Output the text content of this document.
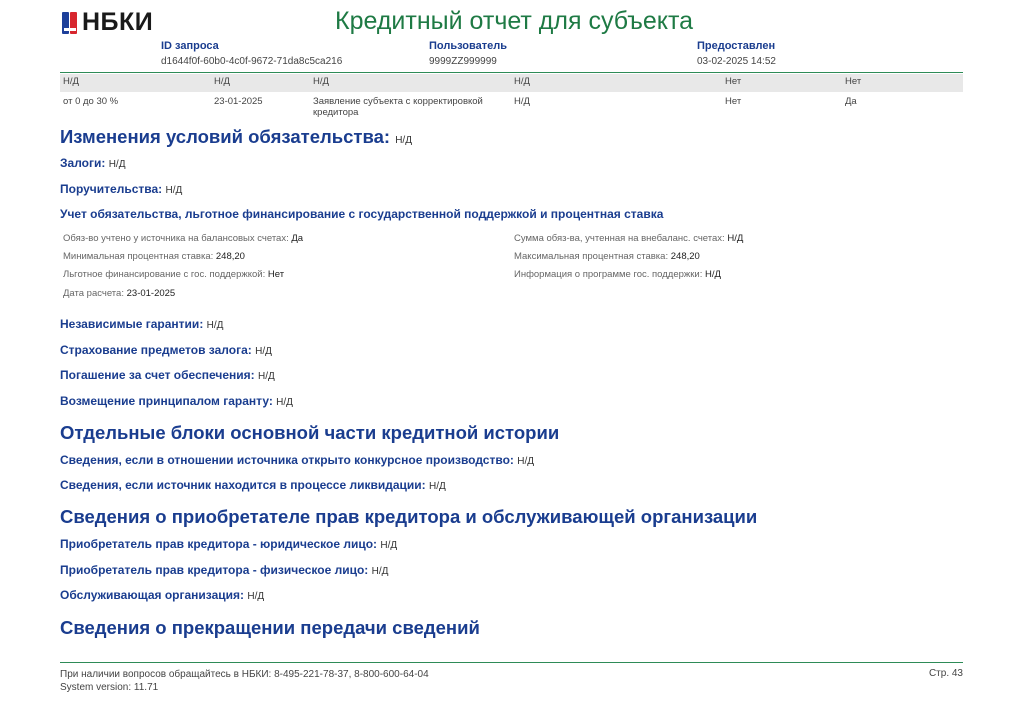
НБКИ	Кредитный отчет для субъекта
ID запроса
d1644f0f-60b0-4c0f-9672-71da8c5ca216
Пользователь
9999ZZ999999
Предоставлен
03-02-2025 14:52
Н/Д	Н/Д	Н/Д	Н/Д	Нет	Нет
от 0 до 30 %	23-01-2025	Заявление субъекта с корректировкой кредитора	Н/Д	Нет	Да
Изменения условий обязательства: Н/Д
Залоги: Н/Д
Поручительства: Н/Д
Учет обязательства, льготное финансирование с государственной поддержкой и процентная ставка
Обяз-во учтено у источника на балансовых счетах: Да	Сумма обяз-ва, учтенная на внебаланс. счетах: Н/Д
Минимальная процентная ставка: 248,20	Максимальная процентная ставка: 248,20
Льготное финансирование с гос. поддержкой: Нет	Информация о программе гос. поддержки: Н/Д
Дата расчета: 23-01-2025
Независимые гарантии: Н/Д
Страхование предметов залога: Н/Д
Погашение за счет обеспечения: Н/Д
Возмещение принципалом гаранту: Н/Д
Отдельные блоки основной части кредитной истории
Сведения, если в отношении источника открыто конкурсное производство: Н/Д
Сведения, если источник находится в процессе ликвидации: Н/Д
Сведения о приобретателе прав кредитора и обслуживающей организации
Приобретатель прав кредитора - юридическое лицо: Н/Д
Приобретатель прав кредитора - физическое лицо: Н/Д
Обслуживающая организация: Н/Д
Сведения о прекращении передачи сведений
При наличии вопросов обращайтесь в НБКИ: 8-495-221-78-37, 8-800-600-64-04
System version: 11.71
Стр. 43
